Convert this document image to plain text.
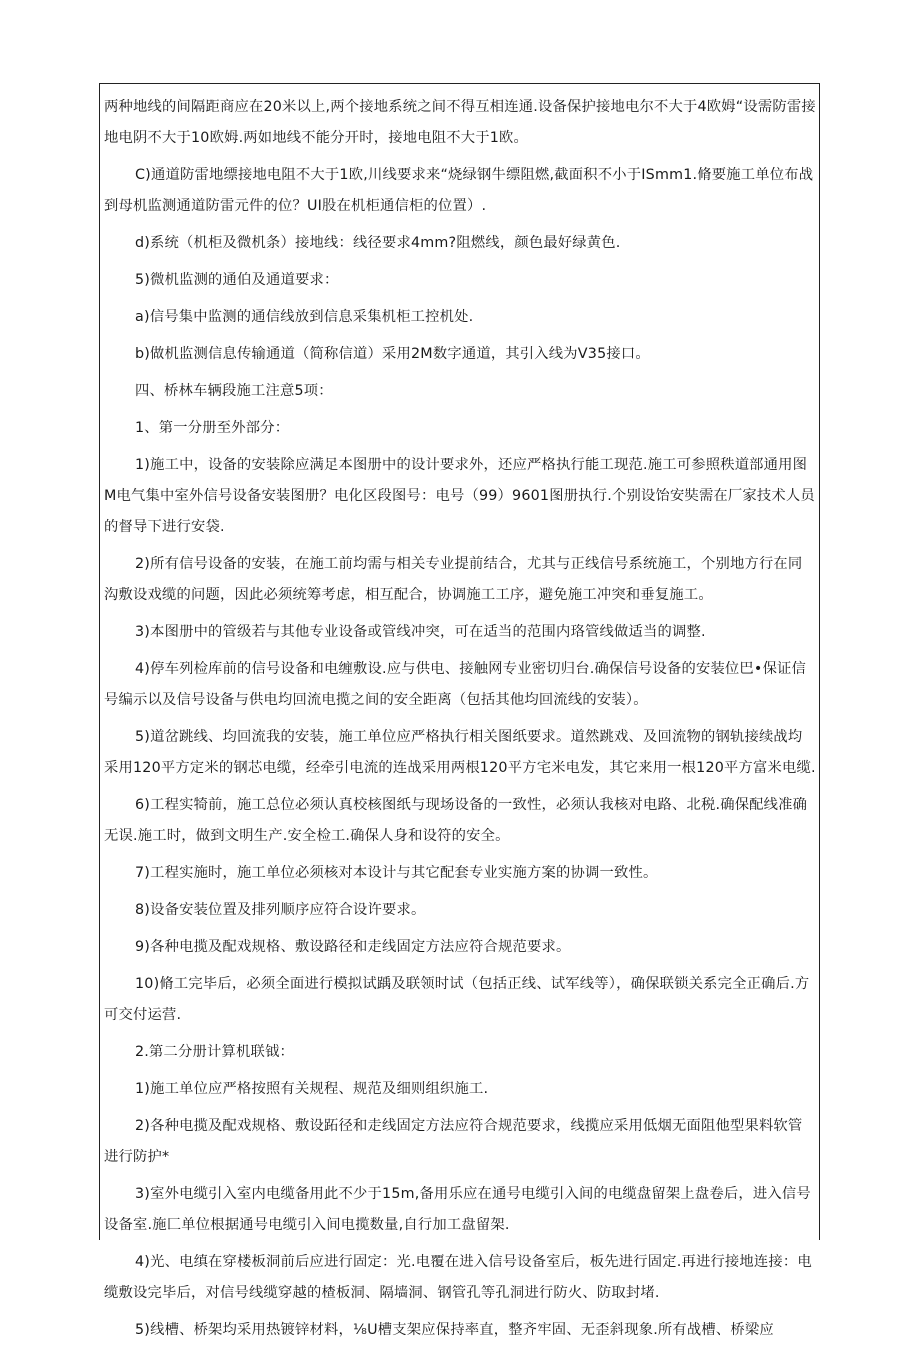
两种地线的间隔距商应在20米以上,两个接地系统之间不得互相连通.设备保护接地电尔不大于4欧姆“设需防雷接地电阴不大于10欧姆.两如地线不能分开时，接地电阻不大于1欧。

C)通道防雷地缥接地电阻不大于1欧,川线要求来“烧绿钢牛缥阻燃,截面积不小于ISmm1.脩要施工单位布战到母机监测通道防雷元件的位？UI股在机柜通信柜的位置）.

d)系统（机柜及微机条）接地线：线径要求4mm?阻燃线，颜色最好绿黄色.

5)微机监测的通伯及通道要求：

a)信号集中监测的通信线放到信息采集机柜工控机处.

b)做机监测信息传输通道（简称信道）采用2M数字通道，其引入线为V35接口。

四、桥林车辆段施工注意5项：

1、第一分册至外部分：

1)施工中，设备的安装除应满足本图册中的设计要求外，还应严格执行能工现范.施工可参照秩道部通用图M电气集中室外信号设备安装图册？电化区段图号：电号（99）9601图册执行.个别设饴安奘需在厂家技术人员的督导下进行安袋.

2)所有信号设备的安装，在施工前均需与相关专业提前结合，尤其与正线信号系统施工，个别地方行在同沟敷设戏缆的问题，因此必须统筹考虑，相互配合，协调施工工序，避免施工冲突和垂复施工。

3)本图册中的管级若与其他专业设备或管线冲突，可在适当的范围内珞管线做适当的调整.

4)停车列检库前的信号设备和电缠敷设.应与供电、接触网专业密切归台.确保信号设备的安装位巴•保证信号编示以及信号设备与供电均回流电揽之间的安全距离（包括其他均回流线的安装）。

5)道岔跳线、均回流我的安装，施工单位应严格执行相关图纸要求。道然跳戏、及回流物的钢轨接续战均采用120平方定米的钢芯电缆，经牵引电流的连战采用两根120平方宅米电发，其它来用一根120平方富米电缆.

6)工程实犄前，施工总位必须认真校核图纸与现场设备的一致性，必须认我核对电路、北税.确保配线准确无误.施工时，做到文明生产.安全检工.确保人身和设符的安全。

7)工程实施时，施工单位必须核对本设计与其它配套专业实施方案的协调一致性。

8)设备安装位置及排列顺序应符合设许要求。

9)各种电揽及配戏规格、敷设路径和走线固定方法应符合规范要求。

10)脩工完毕后，必须全面进行模拟试踽及联领时试（包括正线、试军线等），确保联锁关系完全正确后.方可交付运营.

2.第二分册计算机联钺：

1)施工单位应严格按照有关规程、规范及细则组织施工.

2)各种电揽及配戏规格、敷设跖径和走线固定方法应符合规范要求，线揽应采用低烟无面阻他型果料软管进行防护*

3)室外电缆引入室内电缆备用此不少于15m,备用乐应在通号电缆引入间的电缆盘留架上盘卷后，进入信号设备室.施匚单位根据通号电缆引入间电揽数量,自行加工盘留架.

4)光、电缜在穿楼板洞前后应进行固定：光.电覆在进入信号设备室后，板先进行固定.再进行接地连接：电缆敷设完毕后，对信号线缆穿越的楂板洞、隔墙洞、钢管孔等孔洞进行防火、防取封堵.

5)线槽、桥架均采用热镀锌材料，⅛U槽支架应保持率直，整齐牢固、无歪斜现象.所有战槽、桥梁应
